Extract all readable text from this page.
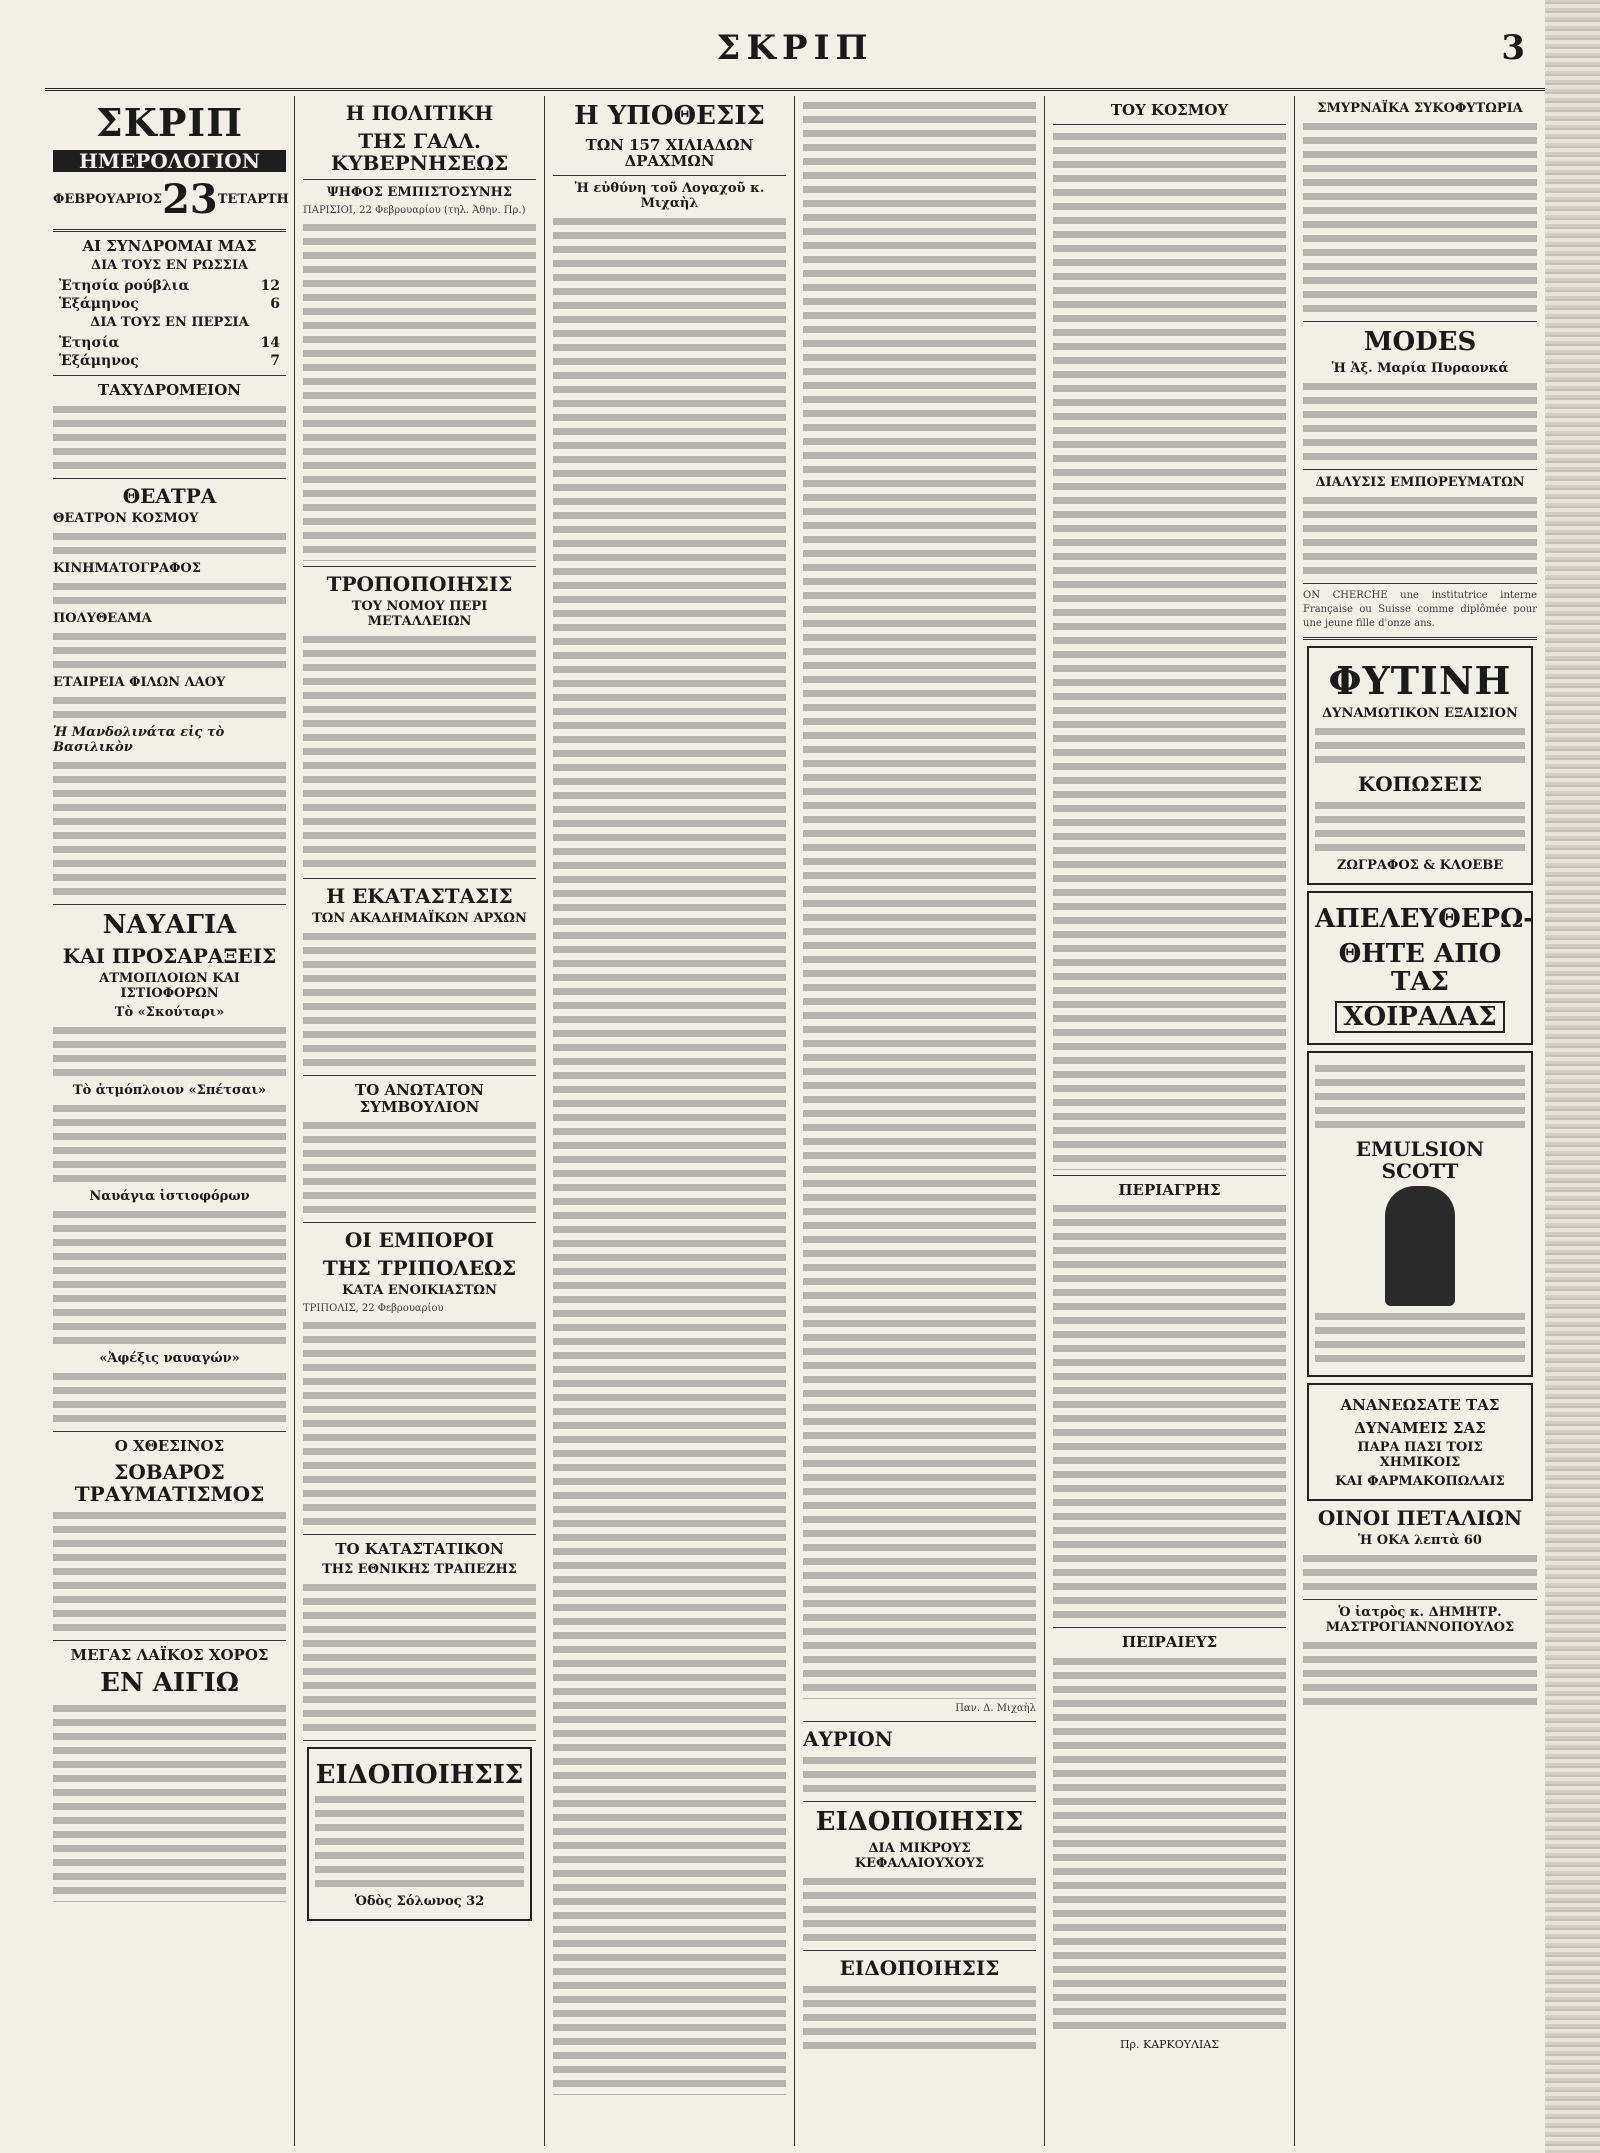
ΣΚΡΙΠ	3
ΣΚΡΙΠ
ΗΜΕΡΟΛΟΓΙΟΝ
ΦΕΒΡΟΥΑΡΙΟΣ 23 ΤΕΤΑΡΤΗ
ΑΙ ΣΥΝΔΡΟΜΑΙ ΜΑΣ
ΔΙΑ ΤΟΥΣ ΕΝ ΡΩΣΣΙΑ
Ἐτησία ρούβλια	12
Ἑξάμηνος	6
ΔΙΑ ΤΟΥΣ ΕΝ ΠΕΡΣΙΑ
Ἐτησία	14
Ἑξάμηνος	7
ΤΑΧΥΔΡΟΜΕΙΟΝ
ΘΕΑΤΡΑ
ΘΕΑΤΡΟΝ ΚΟΣΜΟΥ
ΚΙΝΗΜΑΤΟΓΡΑΦΟΣ
ΠΟΛΥΘΕΑΜΑ
ΕΤΑΙΡΕΙΑ ΦΙΛΩΝ ΛΑΟΥ
Ἡ Μανδολινάτα εἰς τὸ Βασιλικὸν
ΝΑΥΑΓΙΑ
ΚΑΙ ΠΡΟΣΑΡΑΞΕΙΣ
ΑΤΜΟΠΛΟΙΩΝ ΚΑΙ ΙΣΤΙΟΦΟΡΩΝ
Τὸ «Σκούταρι»
Τὸ ἀτμόπλοιον «Σπέτσαι»
Ναυάγια ἱστιοφόρων
«Ἀφέξις ναυαγών»
Ο ΧΘΕΣΙΝΟΣ
ΣΟΒΑΡΟΣ ΤΡΑΥΜΑΤΙΣΜΟΣ
ΜΕΓΑΣ ΛΑΪΚΟΣ ΧΟΡΟΣ
ΕΝ ΑΙΓΙΩ
Η ΠΟΛΙΤΙΚΗ
ΤΗΣ ΓΑΛΛ. ΚΥΒΕΡΝΗΣΕΩΣ
ΨΗΦΟΣ ΕΜΠΙΣΤΟΣΥΝΗΣ
ΠΑΡΙΣΙΟΙ, 22 Φεβρουαρίου (τηλ. Ἀθην. Πρ.)
ΤΡΟΠΟΠΟΙΗΣΙΣ
ΤΟΥ ΝΟΜΟΥ ΠΕΡΙ ΜΕΤΑΛΛΕΙΩΝ
Η ΕΚΑΤΑΣΤΑΣΙΣ
ΤΩΝ ΑΚΑΔΗΜΑΪΚΩΝ ΑΡΧΩΝ
ΤΟ ΑΝΩΤΑΤΟΝ ΣΥΜΒΟΥΛΙΟΝ
ΟΙ ΕΜΠΟΡΟΙ
ΤΗΣ ΤΡΙΠΟΛΕΩΣ
ΚΑΤΑ ΕΝΟΙΚΙΑΣΤΩΝ
ΤΡΙΠΟΛΙΣ, 22 Φεβρουαρίου
ΤΟ ΚΑΤΑΣΤΑΤΙΚΟΝ
ΤΗΣ ΕΘΝΙΚΗΣ ΤΡΑΠΕΖΗΣ
ΕΙΔΟΠΟΙΗΣΙΣ
Ὁδὸς Σόλωνος 32
Η ΥΠΟΘΕΣΙΣ
ΤΩΝ 157 ΧΙΛΙΑΔΩΝ ΔΡΑΧΜΩΝ
Ἡ εὐθύνη τοῦ Λογαχοῦ κ. Μιχαὴλ
Παν. Δ. Μιχαὴλ
ΑΥΡΙΟΝ
ΕΙΔΟΠΟΙΗΣΙΣ
ΔΙΑ ΜΙΚΡΟΥΣ ΚΕΦΑΛΑΙΟΥΧΟΥΣ
ΕΙΔΟΠΟΙΗΣΙΣ
ΤΟΥ ΚΟΣΜΟΥ
ΠΕΡΙΑΓΡΗΣ
ΠΕΙΡΑΙΕΥΣ
Πρ. ΚΑΡΚΟΥΛΙΑΣ
ΣΜΥΡΝΑΪΚΑ ΣΥΚΟΦΥΤΩΡΙΑ
MODES
Ἡ Ἀξ. Μαρία Πυραονκά
ΔΙΑΛΥΣΙΣ ΕΜΠΟΡΕΥΜΑΤΩΝ
ON CHERCHE une institutrice interne Française ou Suisse comme diplômée pour une jeune fille d'onze ans.
ΦΥΤΙΝΗ
ΔΥΝΑΜΩΤΙΚΟΝ ΕΞΑΙΣΙΟΝ
ΚΟΠΩΣΕΙΣ
ΖΩΓΡΑΦΟΣ & ΚΛΟΕΒΕ
ΑΠΕΛΕΥΘΕΡΩ-
ΘΗΤΕ ΑΠΟ ΤΑΣ
ΧΟΙΡΑΔΑΣ
EMULSION SCOTT
ΑΝΑΝΕΩΣΑΤΕ ΤΑΣ
ΔΥΝΑΜΕΙΣ ΣΑΣ
ΠΑΡΑ ΠΑΣΙ ΤΟΙΣ ΧΗΜΙΚΟΙΣ
ΚΑΙ ΦΑΡΜΑΚΟΠΩΛΑΙΣ
ΟΙΝΟΙ ΠΕΤΑΛΙΩΝ
Ἡ ΟΚΑ λεπτὰ 60
Ὁ ἰατρὸς κ. ΔΗΜΗΤΡ. ΜΑΣΤΡΟΓΙΑΝΝΟΠΟΥΛΟΣ
